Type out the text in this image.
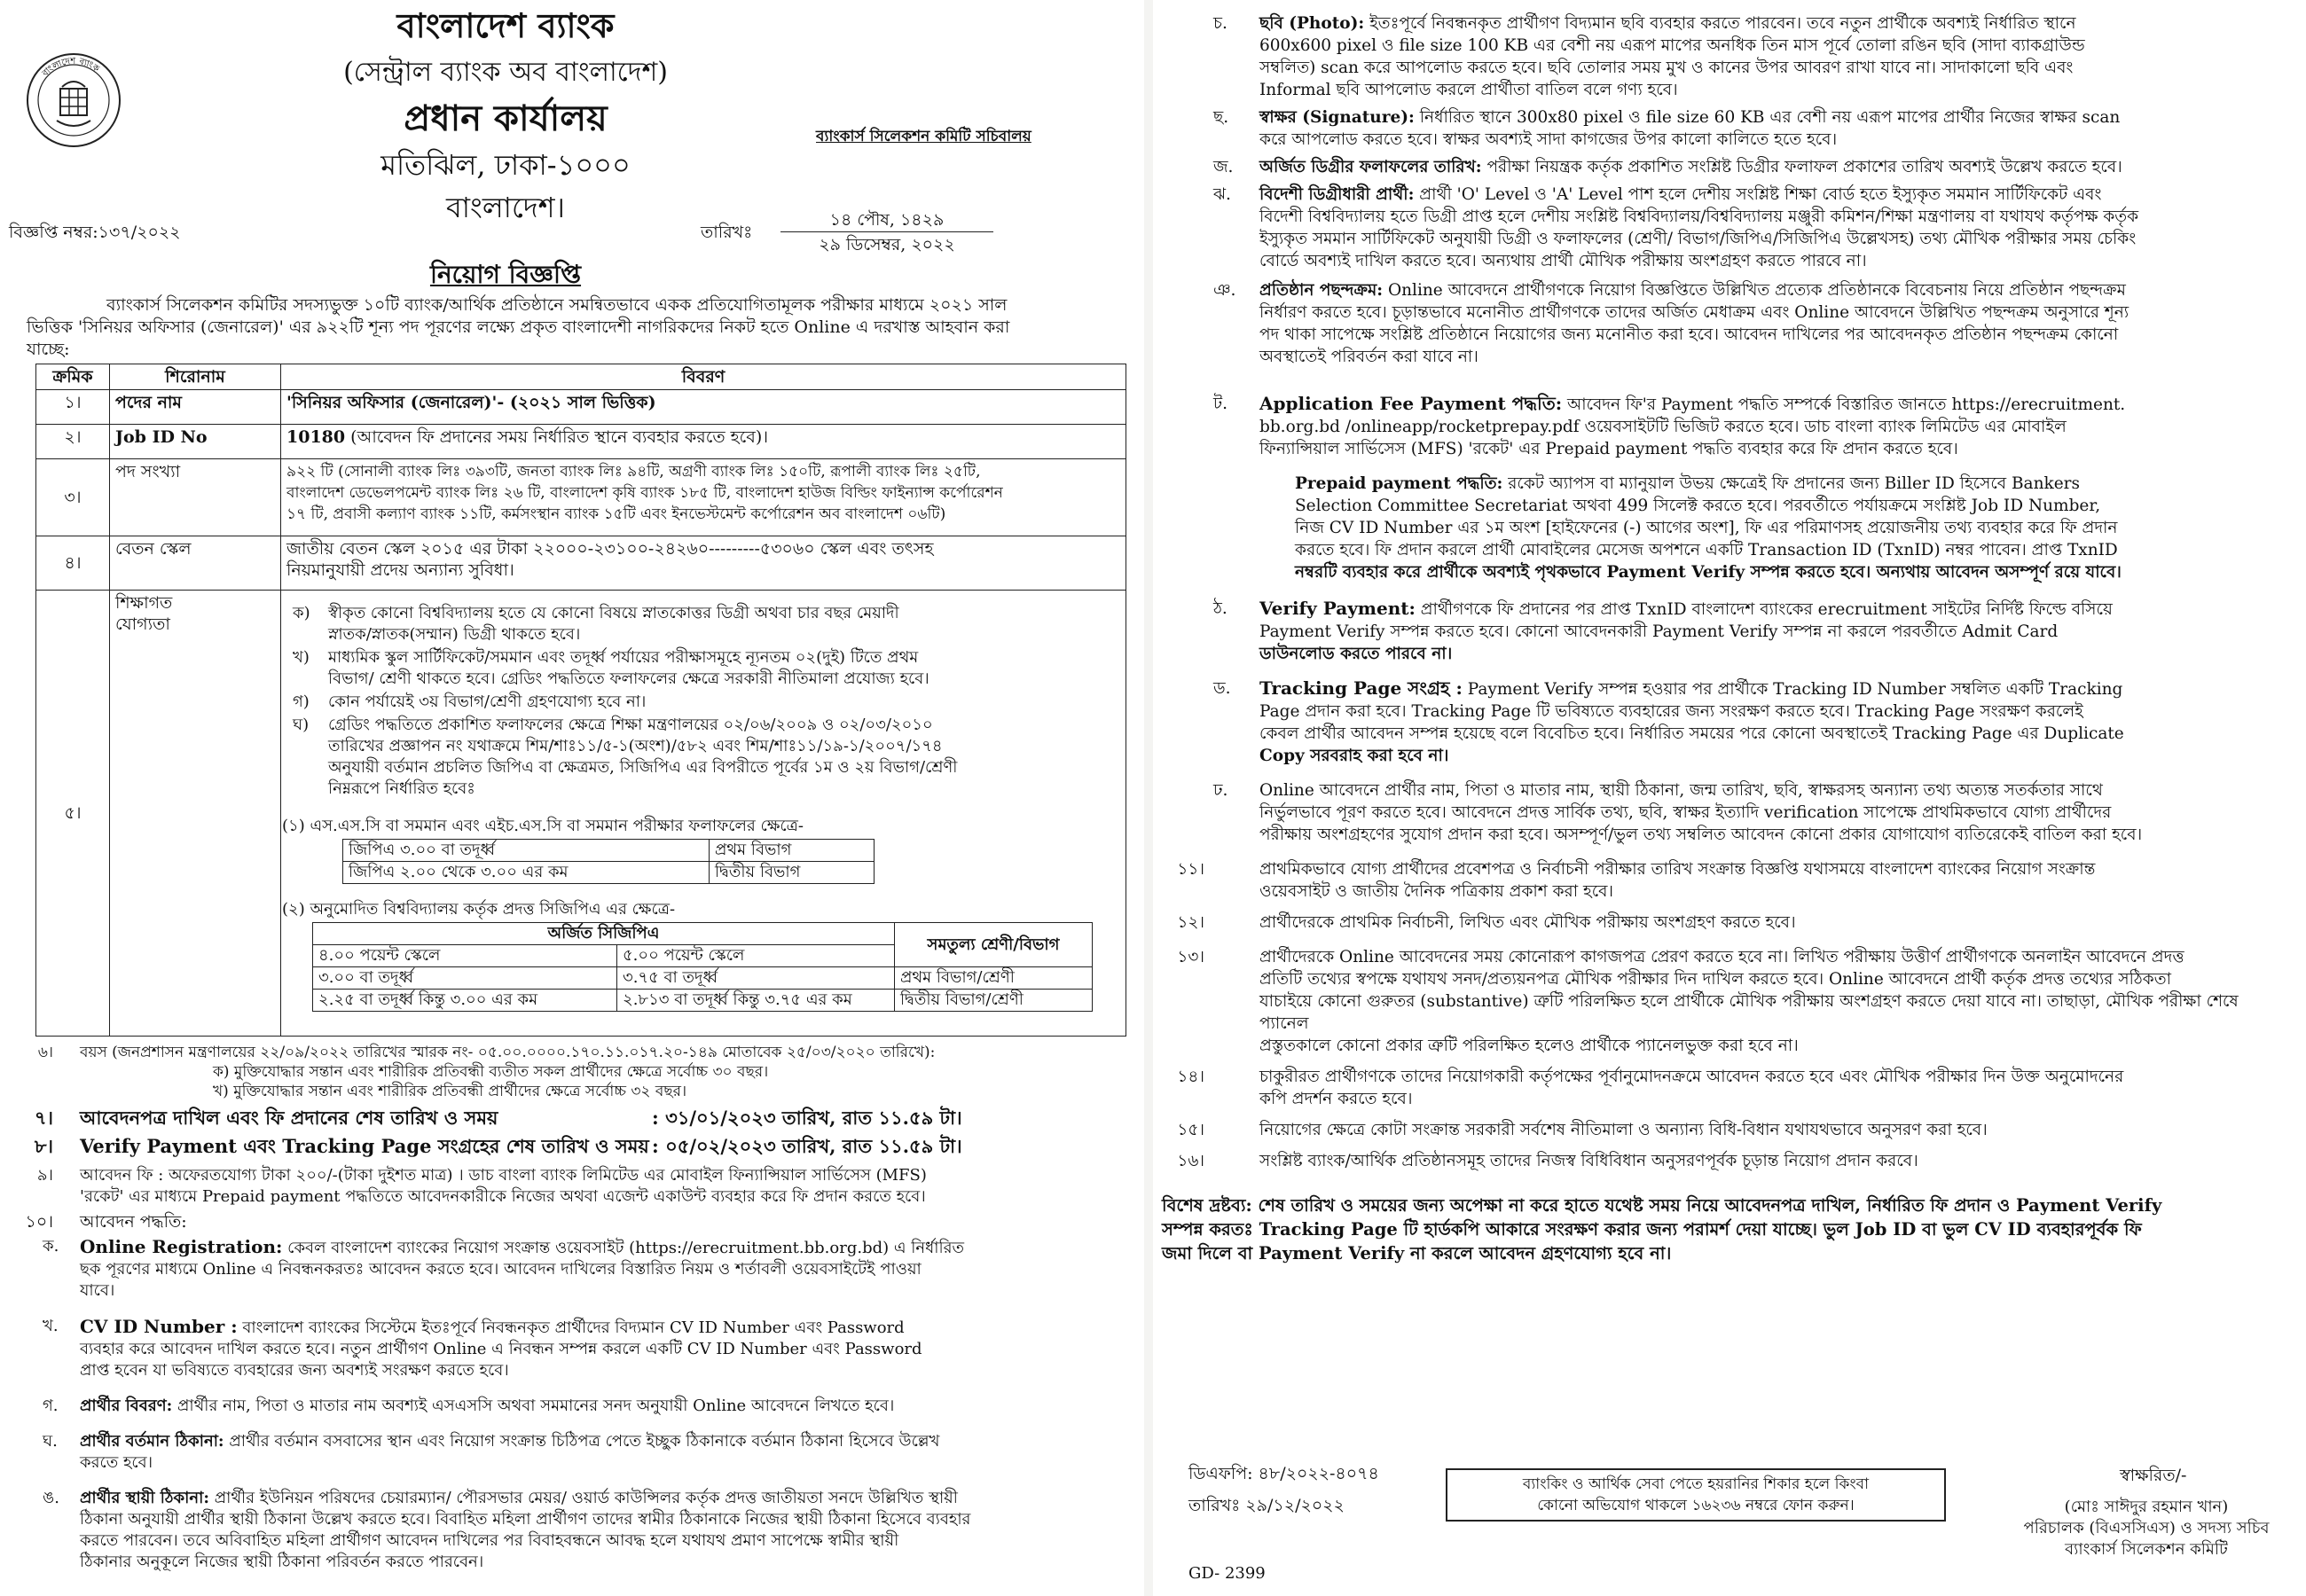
বাংলাদেশ ব্যাংক
বাংলাদেশ ব্যাংক
(সেন্ট্রাল ব্যাংক অব বাংলাদেশ)
প্রধান কার্যালয়
মতিঝিল, ঢাকা-১০০০
বাংলাদেশ।
ব্যাংকার্স সিলেকশন কমিটি সচিবালয়
বিজ্ঞপ্তি নম্বর:১৩৭/২০২২	তারিখঃ
১৪ পৌষ, ১৪২৯
২৯ ডিসেম্বর, ২০২২
নিয়োগ বিজ্ঞপ্তি

ব্যাংকার্স সিলেকশন কমিটির সদস্যভুক্ত ১০টি ব্যাংক/আর্থিক প্রতিষ্ঠানে সমন্বিতভাবে একক প্রতিযোগিতামূলক পরীক্ষার মাধ্যমে ২০২১ সাল

ভিত্তিক 'সিনিয়র অফিসার (জেনারেল)' এর ৯২২টি শূন্য পদ পূরণের লক্ষ্যে প্রকৃত বাংলাদেশী নাগরিকদের নিকট হতে Online এ দরখাস্ত আহবান করা

যাচ্ছে:

ক্রমিক	শিরোনাম	বিবরণ
১।	পদের নাম	'সিনিয়র অফিসার (জেনারেল)'- (২০২১ সাল ভিত্তিক)
২।	Job ID No	10180 (আবেদন ফি প্রদানের সময় নির্ধারিত স্থানে ব্যবহার করতে হবে)।
৩।	পদ সংখ্যা	৯২২ টি (সোনালী ব্যাংক লিঃ ৩৯৩টি, জনতা ব্যাংক লিঃ ৯৪টি, অগ্রণী ব্যাংক লিঃ ১৫০টি, রূপালী ব্যাংক লিঃ ২৫টি,

বাংলাদেশ ডেভেলপমেন্ট ব্যাংক লিঃ ২৬ টি, বাংলাদেশ কৃষি ব্যাংক ১৮৫ টি, বাংলাদেশ হাউজ বিল্ডিং ফাইন্যান্স কর্পোরেশন

১৭ টি, প্রবাসী কল্যাণ ব্যাংক ১১টি, কর্মসংস্থান ব্যাংক ১৫টি এবং ইনভেস্টমেন্ট কর্পোরেশন অব বাংলাদেশ ০৬টি)

৪।	বেতন স্কেল	জাতীয় বেতন স্কেল ২০১৫ এর টাকা ২২০০০-২৩১০০-২৪২৬০---------৫৩০৬০ স্কেল এবং তৎসহ

নিয়মানুযায়ী প্রদেয় অন্যান্য সুবিধা।

৫।	শিক্ষাগত

যোগ্যতা	

ক)	স্বীকৃত কোনো বিশ্ববিদ্যালয় হতে যে কোনো বিষয়ে স্নাতকোত্তর ডিগ্রী অথবা চার বছর মেয়াদী

স্নাতক/স্নাতক(সম্মান) ডিগ্রী থাকতে হবে।

খ)	মাধ্যমিক স্কুল সার্টিফিকেট/সমমান এবং তদূর্ধ্ব পর্যায়ের পরীক্ষাসমূহে ন্যূনতম ০২(দুই) টিতে প্রথম

বিভাগ/ শ্রেণী থাকতে হবে। গ্রেডিং পদ্ধতিতে ফলাফলের ক্ষেত্রে সরকারী নীতিমালা প্রযোজ্য হবে।

গ)	কোন পর্যায়েই ৩য় বিভাগ/শ্রেণী গ্রহণযোগ্য হবে না।

ঘ)	গ্রেডিং পদ্ধতিতে প্রকাশিত ফলাফলের ক্ষেত্রে শিক্ষা মন্ত্রণালয়ের ০২/০৬/২০০৯ ও ০২/০৩/২০১০

তারিখের প্রজ্ঞাপন নং যথাক্রমে শিম/শাঃ১১/৫-১(অংশ)/৫৮২ এবং শিম/শাঃ১১/১৯-১/২০০৭/১৭৪

অনুযায়ী বর্তমান প্রচলিত জিপিএ বা ক্ষেত্রমত, সিজিপিএ এর বিপরীতে পূর্বের ১ম ও ২য় বিভাগ/শ্রেণী

নিম্নরূপে নির্ধারিত হবেঃ

(১) এস.এস.সি বা সমমান এবং এইচ.এস.সি বা সমমান পরীক্ষার ফলাফলের ক্ষেত্রে-
জিপিএ ৩.০০ বা তদূর্ধ্ব	প্রথম বিভাগ
জিপিএ ২.০০ থেকে ৩.০০ এর কম	দ্বিতীয় বিভাগ
(২) অনুমোদিত বিশ্ববিদ্যালয় কর্তৃক প্রদত্ত সিজিপিএ এর ক্ষেত্রে-
অর্জিত সিজিপিএ		সমতুল্য শ্রেণী/বিভাগ
৪.০০ পয়েন্ট স্কেলে	৫.০০ পয়েন্ট স্কেলে	
৩.০০ বা তদূর্ধ্ব	৩.৭৫ বা তদূর্ধ্ব	প্রথম বিভাগ/শ্রেণী
২.২৫ বা তদূর্ধ্ব কিন্তু ৩.০০ এর কম	২.৮১৩ বা তদূর্ধ্ব কিন্তু ৩.৭৫ এর কম	দ্বিতীয় বিভাগ/শ্রেণী
৬। বয়স (জনপ্রশাসন মন্ত্রণালয়ের ২২/০৯/২০২২ তারিখের স্মারক নং- ০৫.০০.০০০০.১৭০.১১.০১৭.২০-১৪৯ মোতাবেক ২৫/০৩/২০২০ তারিখে):

ক) মুক্তিযোদ্ধার সন্তান এবং শারীরিক প্রতিবন্ধী ব্যতীত সকল প্রার্থীদের ক্ষেত্রে সর্বোচ্চ ৩০ বছর।

খ) মুক্তিযোদ্ধার সন্তান এবং শারীরিক প্রতিবন্ধী প্রার্থীদের ক্ষেত্রে সর্বোচ্চ ৩২ বছর।

৭। আবেদনপত্র দাখিল এবং ফি প্রদানের শেষ তারিখ ও সময়	: ৩১/০১/২০২৩ তারিখ, রাত ১১.৫৯ টা।
৮। Verify Payment এবং Tracking Page সংগ্রহের শেষ তারিখ ও সময় : ০৫/০২/২০২৩ তারিখ, রাত ১১.৫৯ টা।
৯। আবেদন ফি : অফেরতযোগ্য টাকা ২০০/-(টাকা দুইশত মাত্র) । ডাচ বাংলা ব্যাংক লিমিটেড এর মোবাইল ফিন্যান্সিয়াল সার্ভিসেস (MFS)

'রকেট' এর মাধ্যমে Prepaid payment পদ্ধতিতে আবেদনকারীকে নিজের অথবা এজেন্ট একাউন্ট ব্যবহার করে ফি প্রদান করতে হবে।

১০। আবেদন পদ্ধতি:
ক. Online Registration: কেবল বাংলাদেশ ব্যাংকের নিয়োগ সংক্রান্ত ওয়েবসাইট (https://erecruitment.bb.org.bd) এ নির্ধারিত

ছক পূরণের মাধ্যমে Online এ নিবন্ধনকরতঃ আবেদন করতে হবে। আবেদন দাখিলের বিস্তারিত নিয়ম ও শর্তাবলী ওয়েবসাইটেই পাওয়া

যাবে।

খ. CV ID Number : বাংলাদেশ ব্যাংকের সিস্টেমে ইতঃপূর্বে নিবন্ধনকৃত প্রার্থীদের বিদ্যমান CV ID Number এবং Password

ব্যবহার করে আবেদন দাখিল করতে হবে। নতুন প্রার্থীগণ Online এ নিবন্ধন সম্পন্ন করলে একটি CV ID Number এবং Password

প্রাপ্ত হবেন যা ভবিষ্যতে ব্যবহারের জন্য অবশ্যই সংরক্ষণ করতে হবে।

গ. প্রার্থীর বিবরণ: প্রার্থীর নাম, পিতা ও মাতার নাম অবশ্যই এসএসসি অথবা সমমানের সনদ অনুযায়ী Online আবেদনে লিখতে হবে।
ঘ. প্রার্থীর বর্তমান ঠিকানা: প্রার্থীর বর্তমান বসবাসের স্থান এবং নিয়োগ সংক্রান্ত চিঠিপত্র পেতে ইচ্ছুক ঠিকানাকে বর্তমান ঠিকানা হিসেবে উল্লেখ

করতে হবে।

ঙ. প্রার্থীর স্থায়ী ঠিকানা: প্রার্থীর ইউনিয়ন পরিষদের চেয়ারম্যান/ পৌরসভার মেয়র/ ওয়ার্ড কাউন্সিলর কর্তৃক প্রদত্ত জাতীয়তা সনদে উল্লিখিত স্থায়ী

ঠিকানা অনুযায়ী প্রার্থীর স্থায়ী ঠিকানা উল্লেখ করতে হবে। বিবাহিত মহিলা প্রার্থীগণ তাদের স্বামীর ঠিকানাকে নিজের স্থায়ী ঠিকানা হিসেবে ব্যবহার

করতে পারবেন। তবে অবিবাহিত মহিলা প্রার্থীগণ আবেদন দাখিলের পর বিবাহবন্ধনে আবদ্ধ হলে যথাযথ প্রমাণ সাপেক্ষে স্বামীর স্থায়ী

ঠিকানার অনুকূলে নিজের স্থায়ী ঠিকানা পরিবর্তন করতে পারবেন।

চ. ছবি (Photo): ইতঃপূর্বে নিবন্ধনকৃত প্রার্থীগণ বিদ্যমান ছবি ব্যবহার করতে পারবেন। তবে নতুন প্রার্থীকে অবশ্যই নির্ধারিত স্থানে

600x600 pixel ও file size 100 KB এর বেশী নয় এরূপ মাপের অনধিক তিন মাস পূর্বে তোলা রঙিন ছবি (সাদা ব্যাকগ্রাউন্ড

সম্বলিত) scan করে আপলোড করতে হবে। ছবি তোলার সময় মুখ ও কানের উপর আবরণ রাখা যাবে না। সাদাকালো ছবি এবং

Informal ছবি আপলোড করলে প্রার্থীতা বাতিল বলে গণ্য হবে।

ছ. স্বাক্ষর (Signature): নির্ধারিত স্থানে 300x80 pixel ও file size 60 KB এর বেশী নয় এরূপ মাপের প্রার্থীর নিজের স্বাক্ষর scan

করে আপলোড করতে হবে। স্বাক্ষর অবশ্যই সাদা কাগজের উপর কালো কালিতে হতে হবে।

জ. অর্জিত ডিগ্রীর ফলাফলের তারিখ: পরীক্ষা নিয়ন্ত্রক কর্তৃক প্রকাশিত সংশ্লিষ্ট ডিগ্রীর ফলাফল প্রকাশের তারিখ অবশ্যই উল্লেখ করতে হবে।
ঝ. বিদেশী ডিগ্রীধারী প্রার্থী: প্রার্থী 'O' Level ও 'A' Level পাশ হলে দেশীয় সংশ্লিষ্ট শিক্ষা বোর্ড হতে ইস্যুকৃত সমমান সার্টিফিকেট এবং

বিদেশী বিশ্ববিদ্যালয় হতে ডিগ্রী প্রাপ্ত হলে দেশীয় সংশ্লিষ্ট বিশ্ববিদ্যালয়/বিশ্ববিদ্যালয় মঞ্জুরী কমিশন/শিক্ষা মন্ত্রণালয় বা যথাযথ কর্তৃপক্ষ কর্তৃক

ইস্যুকৃত সমমান সার্টিফিকেট অনুযায়ী ডিগ্রী ও ফলাফলের (শ্রেণী/ বিভাগ/জিপিএ/সিজিপিএ উল্লেখসহ) তথ্য মৌখিক পরীক্ষার সময় চেকিং

বোর্ডে অবশ্যই দাখিল করতে হবে। অন্যথায় প্রার্থী মৌখিক পরীক্ষায় অংশগ্রহণ করতে পারবে না।

ঞ. প্রতিষ্ঠান পছন্দক্রম: Online আবেদনে প্রার্থীগণকে নিয়োগ বিজ্ঞপ্তিতে উল্লিখিত প্রত্যেক প্রতিষ্ঠানকে বিবেচনায় নিয়ে প্রতিষ্ঠান পছন্দক্রম

নির্ধারণ করতে হবে। চূড়ান্তভাবে মনোনীত প্রার্থীগণকে তাদের অর্জিত মেধাক্রম এবং Online আবেদনে উল্লিখিত পছন্দক্রম অনুসারে শূন্য

পদ থাকা সাপেক্ষে সংশ্লিষ্ট প্রতিষ্ঠানে নিয়োগের জন্য মনোনীত করা হবে। আবেদন দাখিলের পর আবেদনকৃত প্রতিষ্ঠান পছন্দক্রম কোনো

অবস্থাতেই পরিবর্তন করা যাবে না।

ট. Application Fee Payment পদ্ধতি: আবেদন ফি'র Payment পদ্ধতি সম্পর্কে বিস্তারিত জানতে https://erecruitment.

bb.org.bd /onlineapp/rocketprepay.pdf ওয়েবসাইটটি ভিজিট করতে হবে। ডাচ বাংলা ব্যাংক লিমিটেড এর মোবাইল

ফিন্যান্সিয়াল সার্ভিসেস (MFS) 'রকেট' এর Prepaid payment পদ্ধতি ব্যবহার করে ফি প্রদান করতে হবে।

Prepaid payment পদ্ধতি: রকেট অ্যাপস বা ম্যানুয়াল উভয় ক্ষেত্রেই ফি প্রদানের জন্য Biller ID হিসেবে Bankers

Selection Committee Secretariat অথবা 499 সিলেক্ট করতে হবে। পরবর্তীতে পর্যায়ক্রমে সংশ্লিষ্ট Job ID Number,

নিজ CV ID Number এর ১ম অংশ [হাইফেনের (-) আগের অংশ], ফি এর পরিমাণসহ প্রয়োজনীয় তথ্য ব্যবহার করে ফি প্রদান

করতে হবে। ফি প্রদান করলে প্রার্থী মোবাইলের মেসেজ অপশনে একটি Transaction ID (TxnID) নম্বর পাবেন। প্রাপ্ত TxnID

নম্বরটি ব্যবহার করে প্রার্থীকে অবশ্যই পৃথকভাবে Payment Verify সম্পন্ন করতে হবে। অন্যথায় আবেদন অসম্পূর্ণ রয়ে যাবে।

ঠ. Verify Payment: প্রার্থীগণকে ফি প্রদানের পর প্রাপ্ত TxnID বাংলাদেশ ব্যাংকের erecruitment সাইটের নির্দিষ্ট ফিল্ডে বসিয়ে

Payment Verify সম্পন্ন করতে হবে। কোনো আবেদনকারী Payment Verify সম্পন্ন না করলে পরবর্তীতে Admit Card

ডাউনলোড করতে পারবে না।

ড. Tracking Page সংগ্রহ : Payment Verify সম্পন্ন হওয়ার পর প্রার্থীকে Tracking ID Number সম্বলিত একটি Tracking

Page প্রদান করা হবে। Tracking Page টি ভবিষ্যতে ব্যবহারের জন্য সংরক্ষণ করতে হবে। Tracking Page সংরক্ষণ করলেই

কেবল প্রার্থীর আবেদন সম্পন্ন হয়েছে বলে বিবেচিত হবে। নির্ধারিত সময়ের পরে কোনো অবস্থাতেই Tracking Page এর Duplicate

Copy সরবরাহ করা হবে না।

ঢ. Online আবেদনে প্রার্থীর নাম, পিতা ও মাতার নাম, স্থায়ী ঠিকানা, জন্ম তারিখ, ছবি, স্বাক্ষরসহ অন্যান্য তথ্য অত্যন্ত সতর্কতার সাথে

নির্ভুলভাবে পূরণ করতে হবে। আবেদনে প্রদত্ত সার্বিক তথ্য, ছবি, স্বাক্ষর ইত্যাদি verification সাপেক্ষে প্রাথমিকভাবে যোগ্য প্রার্থীদের

পরীক্ষায় অংশগ্রহণের সুযোগ প্রদান করা হবে। অসম্পূর্ণ/ভুল তথ্য সম্বলিত আবেদন কোনো প্রকার যোগাযোগ ব্যতিরেকেই বাতিল করা হবে।

১১।	প্রাথমিকভাবে যোগ্য প্রার্থীদের প্রবেশপত্র ও নির্বাচনী পরীক্ষার তারিখ সংক্রান্ত বিজ্ঞপ্তি যথাসময়ে বাংলাদেশ ব্যাংকের নিয়োগ সংক্রান্ত

ওয়েবসাইট ও জাতীয় দৈনিক পত্রিকায় প্রকাশ করা হবে।

১২।	প্রার্থীদেরকে প্রাথমিক নির্বাচনী, লিখিত এবং মৌখিক পরীক্ষায় অংশগ্রহণ করতে হবে।

১৩।	প্রার্থীদেরকে Online আবেদনের সময় কোনোরূপ কাগজপত্র প্রেরণ করতে হবে না। লিখিত পরীক্ষায় উত্তীর্ণ প্রার্থীগণকে অনলাইন আবেদনে প্রদত্ত

প্রতিটি তথ্যের স্বপক্ষে যথাযথ সনদ/প্রত্যয়নপত্র মৌখিক পরীক্ষার দিন দাখিল করতে হবে। Online আবেদনে প্রার্থী কর্তৃক প্রদত্ত তথ্যের সঠিকতা

যাচাইয়ে কোনো গুরুতর (substantive) ত্রুটি পরিলক্ষিত হলে প্রার্থীকে মৌখিক পরীক্ষায় অংশগ্রহণ করতে দেয়া যাবে না। তাছাড়া, মৌখিক পরীক্ষা শেষে প্যানেল

প্রস্তুতকালে কোনো প্রকার ত্রুটি পরিলক্ষিত হলেও প্রার্থীকে প্যানেলভুক্ত করা হবে না।

১৪।	চাকুরীরত প্রার্থীগণকে তাদের নিয়োগকারী কর্তৃপক্ষের পূর্বানুমোদনক্রমে আবেদন করতে হবে এবং মৌখিক পরীক্ষার দিন উক্ত অনুমোদনের

কপি প্রদর্শন করতে হবে।

১৫।	নিয়োগের ক্ষেত্রে কোটা সংক্রান্ত সরকারী সর্বশেষ নীতিমালা ও অন্যান্য বিধি-বিধান যথাযথভাবে অনুসরণ করা হবে।

১৬।	সংশ্লিষ্ট ব্যাংক/আর্থিক প্রতিষ্ঠানসমূহ তাদের নিজস্ব বিধিবিধান অনুসরণপূর্বক চূড়ান্ত নিয়োগ প্রদান করবে।

বিশেষ দ্রষ্টব্য: শেষ তারিখ ও সময়ের জন্য অপেক্ষা না করে হাতে যথেষ্ট সময় নিয়ে আবেদনপত্র দাখিল, নির্ধারিত ফি প্রদান ও Payment Verify

সম্পন্ন করতঃ Tracking Page টি হার্ডকপি আকারে সংরক্ষণ করার জন্য পরামর্শ দেয়া যাচ্ছে। ভুল Job ID বা ভুল CV ID ব্যবহারপূর্বক ফি

জমা দিলে বা Payment Verify না করলে আবেদন গ্রহণযোগ্য হবে না।

ডিএফপি: ৪৮/২০২২-৪০৭৪
তারিখঃ ২৯/১২/২০২২

ব্যাংকিং ও আর্থিক সেবা পেতে হয়রানির শিকার হলে কিংবা

কোনো অভিযোগ থাকলে ১৬২৩৬ নম্বরে ফোন করুন।

স্বাক্ষরিত/-

(মোঃ সাঈদুর রহমান খান)

পরিচালক (বিএসসিএস) ও সদস্য সচিব

ব্যাংকার্স সিলেকশন কমিটি

GD- 2399
